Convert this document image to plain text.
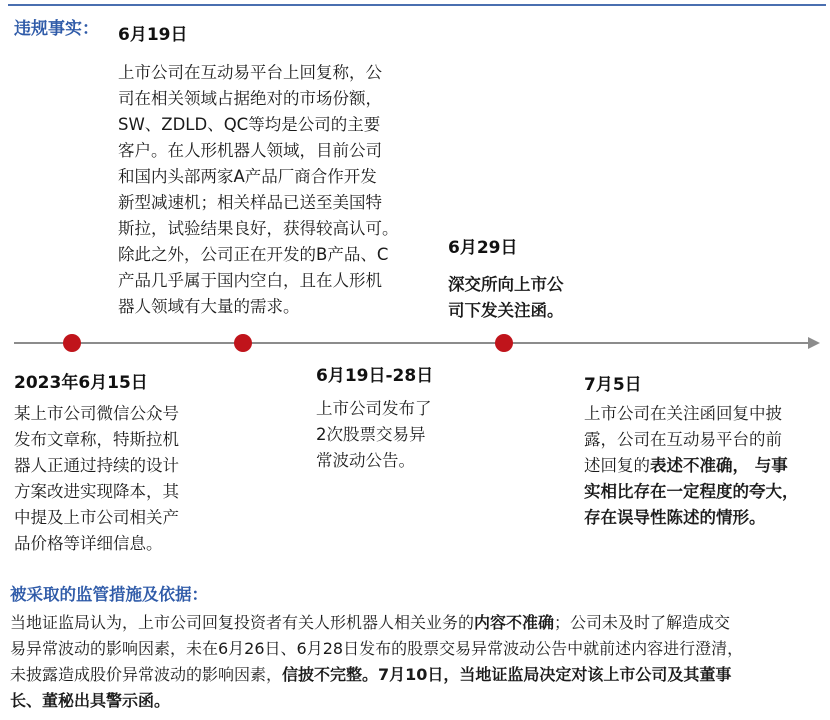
违规事实： 6月19日
上市公司在互动易平台上回复称，公
司在相关领域占据绝对的市场份额，
SW、ZDLD、QC等均是公司的主要
客户。在人形机器人领域，目前公司
和国内头部两家A产品厂商合作开发
新型减速机；相关样品已送至美国特
斯拉，试验结果良好，获得较高认可。
除此之外，公司正在开发的B产品、C
产品几乎属于国内空白，且在人形机
器人领域有大量的需求。
6月29日
深交所向上市公
司下发关注函。
2023年6月15日
某上市公司微信公众号
发布文章称，特斯拉机
器人正通过持续的设计
方案改进实现降本，其
中提及上市公司相关产
品价格等详细信息。
6月19日-28日
上市公司发布了
2次股票交易异
常波动公告。
7月5日
上市公司在关注函回复中披
露，公司在互动易平台的前
述回复的表述不准确， 与事
实相比存在一定程度的夸大，
存在误导性陈述的情形。
被采取的监管措施及依据：
当地证监局认为，上市公司回复投资者有关人形机器人相关业务的内容不准确；公司未及时了解造成交
易异常波动的影响因素，未在6月26日、6月28日发布的股票交易异常波动公告中就前述内容进行澄清，
未披露造成股价异常波动的影响因素，信披不完整。7月10日，当地证监局决定对该上市公司及其董事
长、董秘出具警示函。
